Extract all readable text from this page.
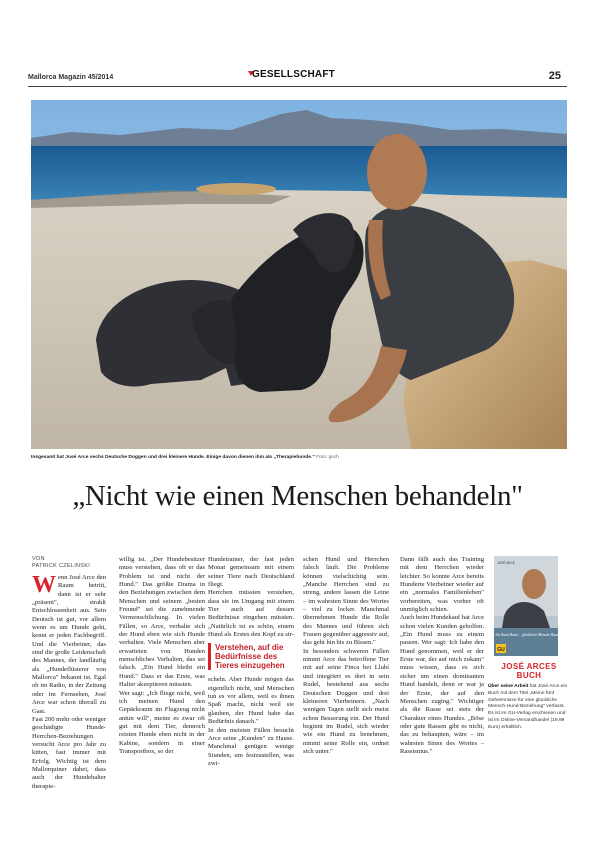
Mallorca Magazin 45/2014	GESELLSCHAFT	25
Insgesamt hat José Arce sechs Deutsche Doggen und drei kleinere Hunde. Einige davon dienen ihm als „Therapiehunde." Foto: gsch
„Nicht wie einen Menschen behandeln"
VON
PATRICK CZELINSKI
W enn José Arce den Raum betritt, dann ist er sehr „präsent", strahlt Entschlossenheit aus. Sein Deutsch ist gut, vor allem wenn es um Hunde geht, kennt er jeden Fachbegriff. Und die Vierbeiner, das sind die große Leidenschaft des Mannes, der landläufig als „Hundeflüsterer von Mallorca" bekannt ist. Egal ob im Radio, in der Zeitung oder im Fernsehen, José Arce war schon überall zu Gast.
Fast 200 mehr oder weniger geschädigte Hunde-Herrchen-Beziehungen versucht Arce pro Jahr zu kitten, fast immer mit Erfolg. Wichtig ist dem Mallorquiner dabei, dass auch der Hundehalter therapie-

willig ist. „Der Hundebesitzer muss verstehen, dass oft er das Problem ist und nicht der Hund." Das größte Drama in den Beziehungen zwischen dem Menschen und seinem „besten Freund" sei die zunehmende Vermenschlichung. In vielen Fällen, so Arce, verhalte sich der Hund eben wie sich Hunde verhalten. Viele Menschen aber erwarteten von Hunden menschliches Verhalten, das sei falsch. „Ein Hund bleibt ein Hund." Dass er das Erste, was Halter akzeptieren müssten.
Wer sagt: „Ich fliege nicht, weil ich meinen Hund den Gepäckraum im Flugzeug nicht antun will", meine es zwar oft gut mit dem Tier, dennoch reisten Hunde eben nicht in der Kabine, sondern in einer Transportbox, so der

Hundetrainer, der fast jeden Monat gemeinsam mit einem seiner Tiere nach Deutschland fliegt.
Herrchen müssten verstehen, dass sie im Umgang mit einem Tier auch auf dessen Bedürfnisse eingehen müssten. „Natürlich ist es schön, einem Hund als Erstes den Kopf zu str-

Verstehen, auf die Bedürfnisse des Tieres einzugehen

scheln. Aber Hunde mögen das eigentlich nicht, und Menschen tun es vor allem, weil es ihnen Spaß macht, nicht weil sie glauben, der Hund habe das Bedürfnis danach."
In den meisten Fällen besucht Arce seine „Kunden" zu Hause. Manchmal genügen wenige Stunden, um festzustellen, was zwi-

schen Hund und Herrchen falsch läuft. Die Probleme können vielschichtig sein. „Manche Herrchen sind zu streng, andere lassen die Leine – im wahrsten Sinne des Wortes – viel zu locker. Manchmal übernehmen Hunde die Rolle des Mannes und führen sich Frauen gegenüber aggressiv auf, das geht hin bis zu Bissen."
In besonders schweren Fällen nimmt Arce das betroffene Tier mit auf seine Finca bei Llubí und integriert es dort in sein Rudel, bestehend aus sechs Deutschen Doggen und drei kleineren Vierbeinern. „Nach wenigen Tagen stellt sich meist schon Besserung ein. Der Hund beginnt im Rudel, sich wieder wie ein Hund zu benehmen, nimmt seine Rolle ein, ordnet sich unter."

Dann fällt auch das Training mit dem Herrchen wieder leichter. So konnte Arce bereits Hunderte Vierbeiner wieder auf ein „normales Familienleben" vorbereiten, was vorher oft unmöglich schien.
Auch beim Hundekauf hat Arce schon vielen Kunden geholfen. „Ein Hund muss zu einem passen. Wer sagt: Ich habe den Hund genommen, weil er der Erste war, der auf mich zukam" muss wissen, dass es sich sicher um einen dominanten Hund handelt, denn er war ja der Erste, der auf den Menschen zuging." Wichtiger als die Rasse sei stets der Charakter eines Hundes. „Böse oder gute Rassen gibt es nicht, das zu behaupten, wäre – im wahrsten Sinne des Wortes – Rassismus."

JOSÉ ARCE
GU
Wie Sie Ihren Hund ... glückliche Mensch-Hund-Beziehung
JOSÉ ARCES
BUCH
Über seine Arbeit hat José Arce ein Buch mit dem Titel „Meine fünf Geheimnisse für eine glückliche Mensch-Hund-Beziehung" verfasst. Es ist im GU-Verlag erschienen und ist im Online-Versandhandel (19,99 Euro) erhältlich.
